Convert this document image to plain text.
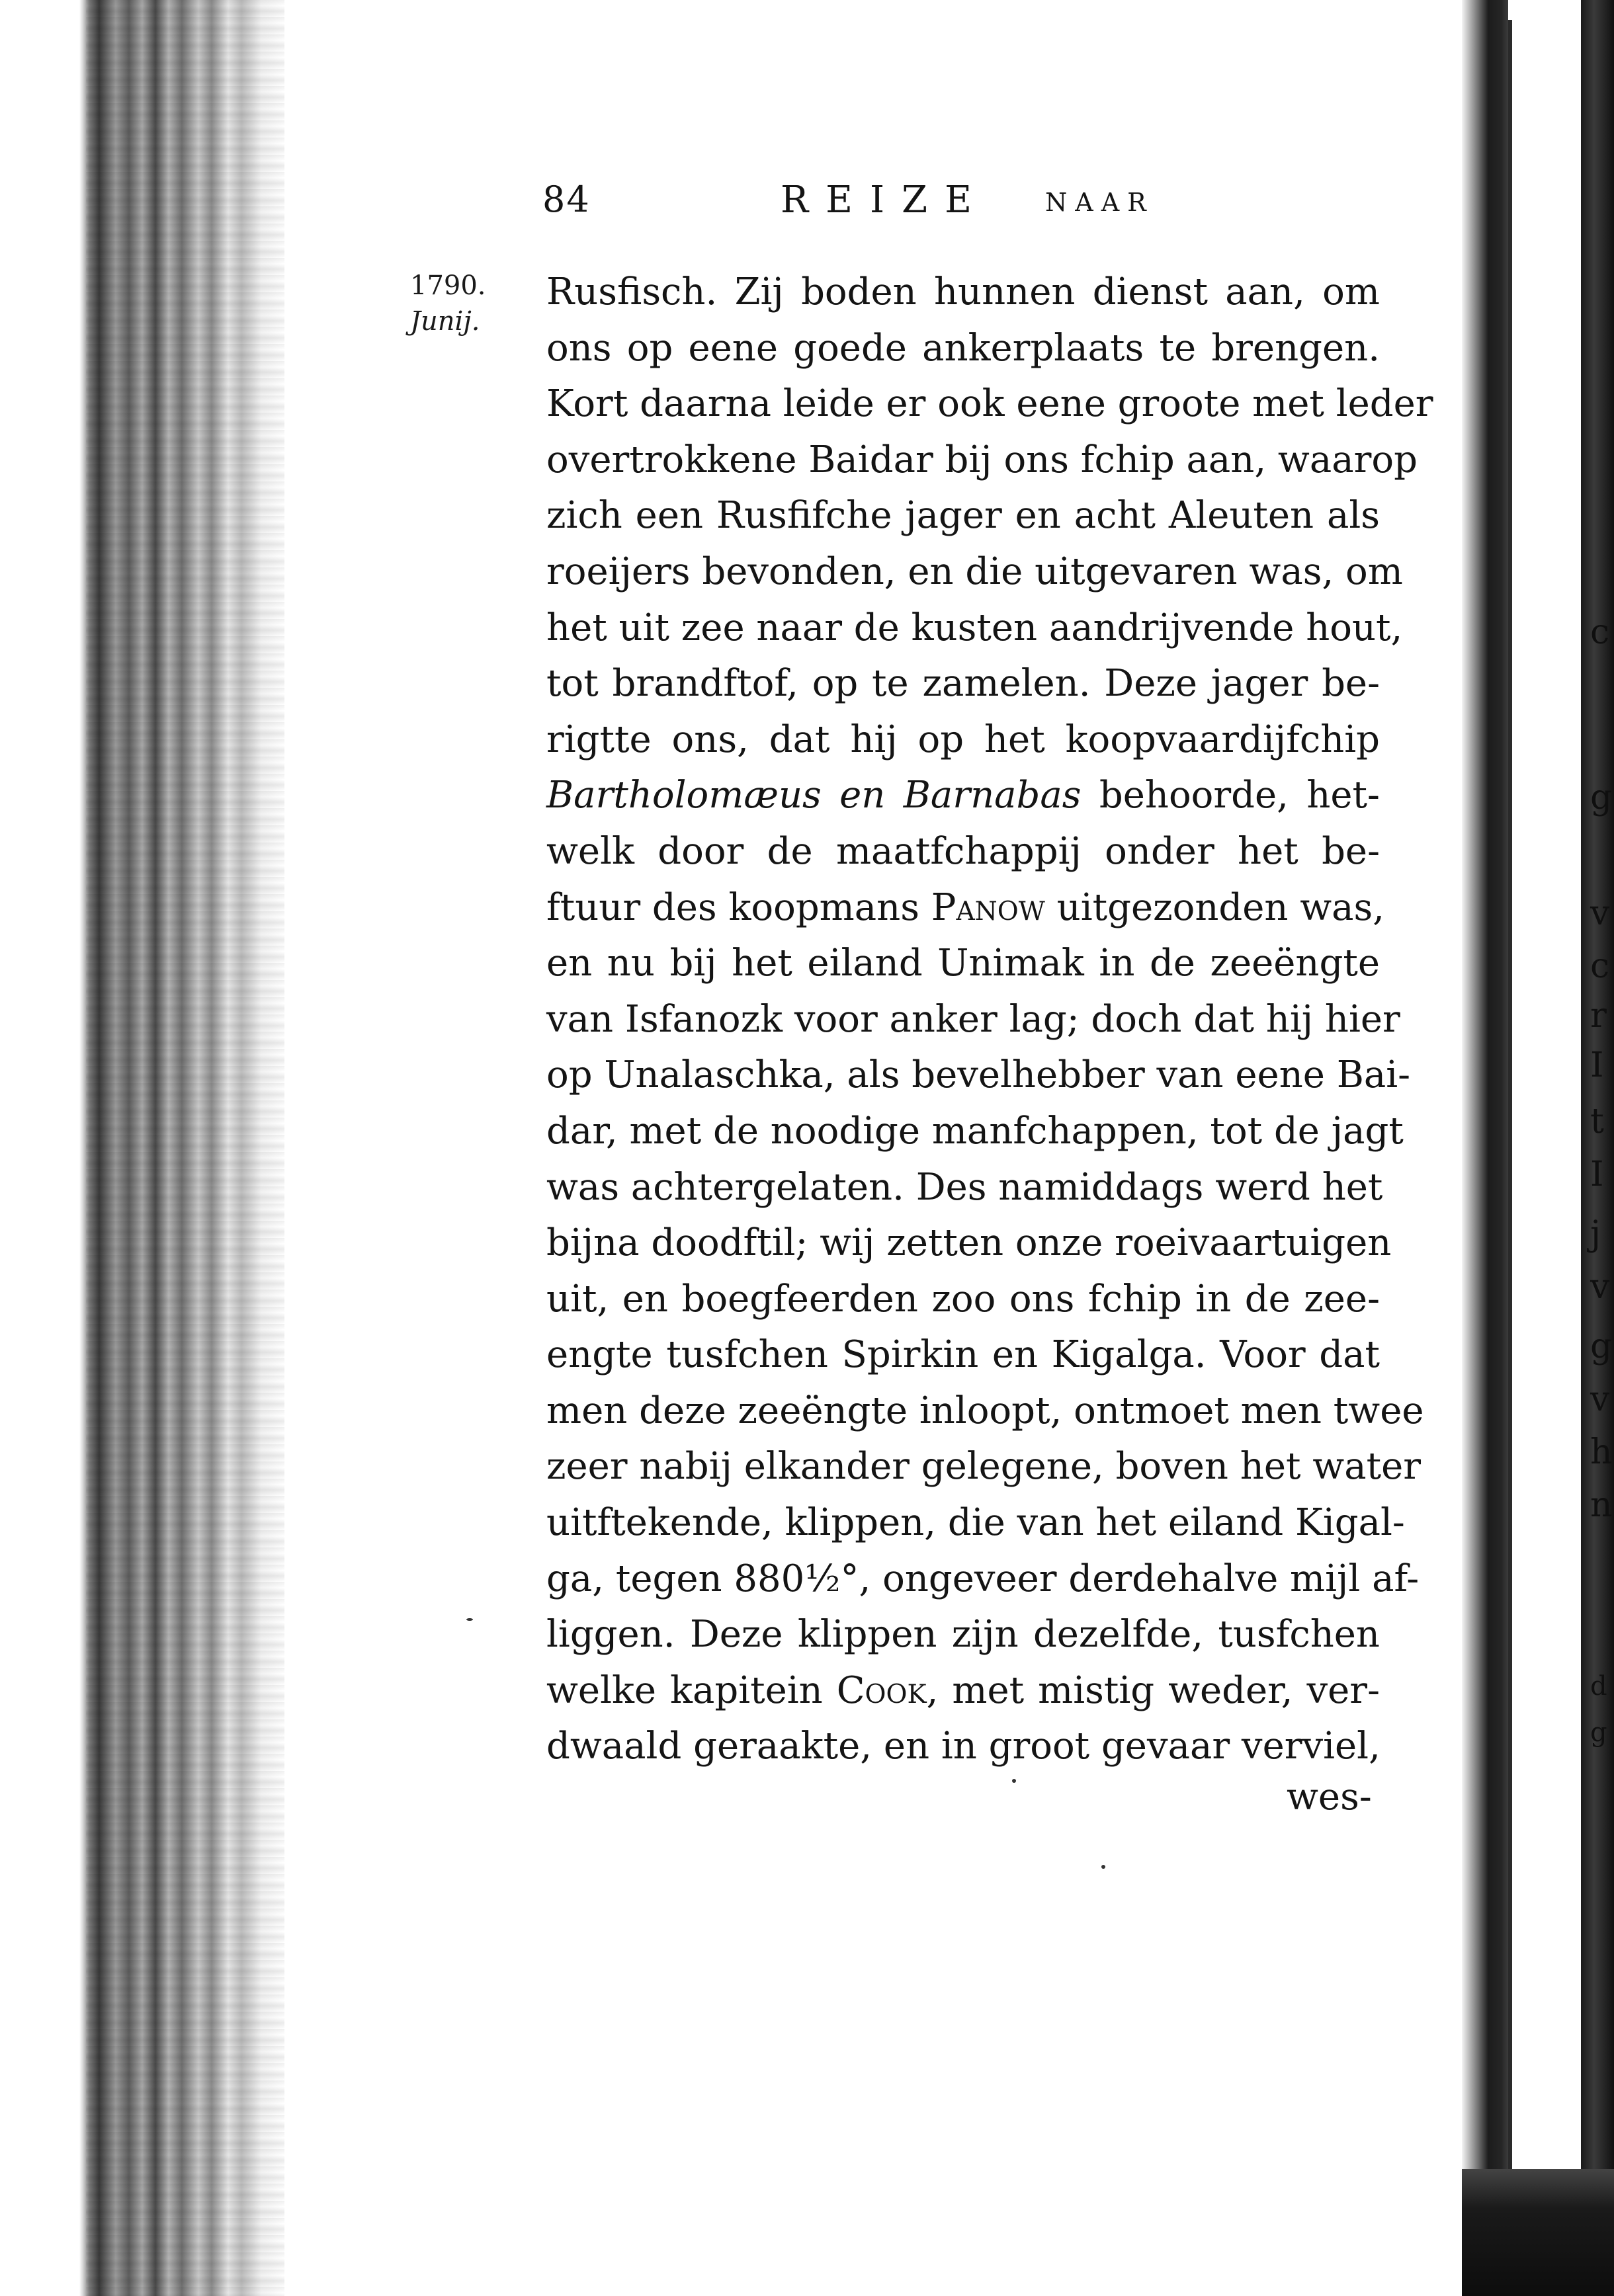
c
g
v
c
r
I
t
I
j
v
g
v
h
n
d
g
84	REIZE NAAR
1790.
Junij.
Rusfisch. Zij boden hunnen dienst aan, om
ons op eene goede ankerplaats te brengen.
Kort daarna leide er ook eene groote met leder
overtrokkene Baidar bij ons fchip aan, waarop
zich een Rusfifche jager en acht Aleuten als
roeijers bevonden, en die uitgevaren was, om
het uit zee naar de kusten aandrijvende hout,
tot brandftof, op te zamelen. Deze jager be-
rigtte ons, dat hij op het koopvaardijfchip
Bartholomæus en Barnabas behoorde, het-
welk door de maatfchappij onder het be-
ftuur des koopmans Panow uitgezonden was,
en nu bij het eiland Unimak in de zeeëngte
van Isfanozk voor anker lag; doch dat hij hier
op Unalaschka, als bevelhebber van eene Bai-
dar, met de noodige manfchappen, tot de jagt
was achtergelaten. Des namiddags werd het
bijna doodftil; wij zetten onze roeivaartuigen
uit, en boegfeerden zoo ons fchip in de zee-
engte tusfchen Spirkin en Kigalga. Voor dat
men deze zeeëngte inloopt, ontmoet men twee
zeer nabij elkander gelegene, boven het water
uitftekende, klippen, die van het eiland Kigal-
ga, tegen 880½°, ongeveer derdehalve mijl af-
liggen. Deze klippen zijn dezelfde, tusfchen
welke kapitein Cook, met mistig weder, ver-
dwaald geraakte, en in groot gevaar verviel,
wes-
